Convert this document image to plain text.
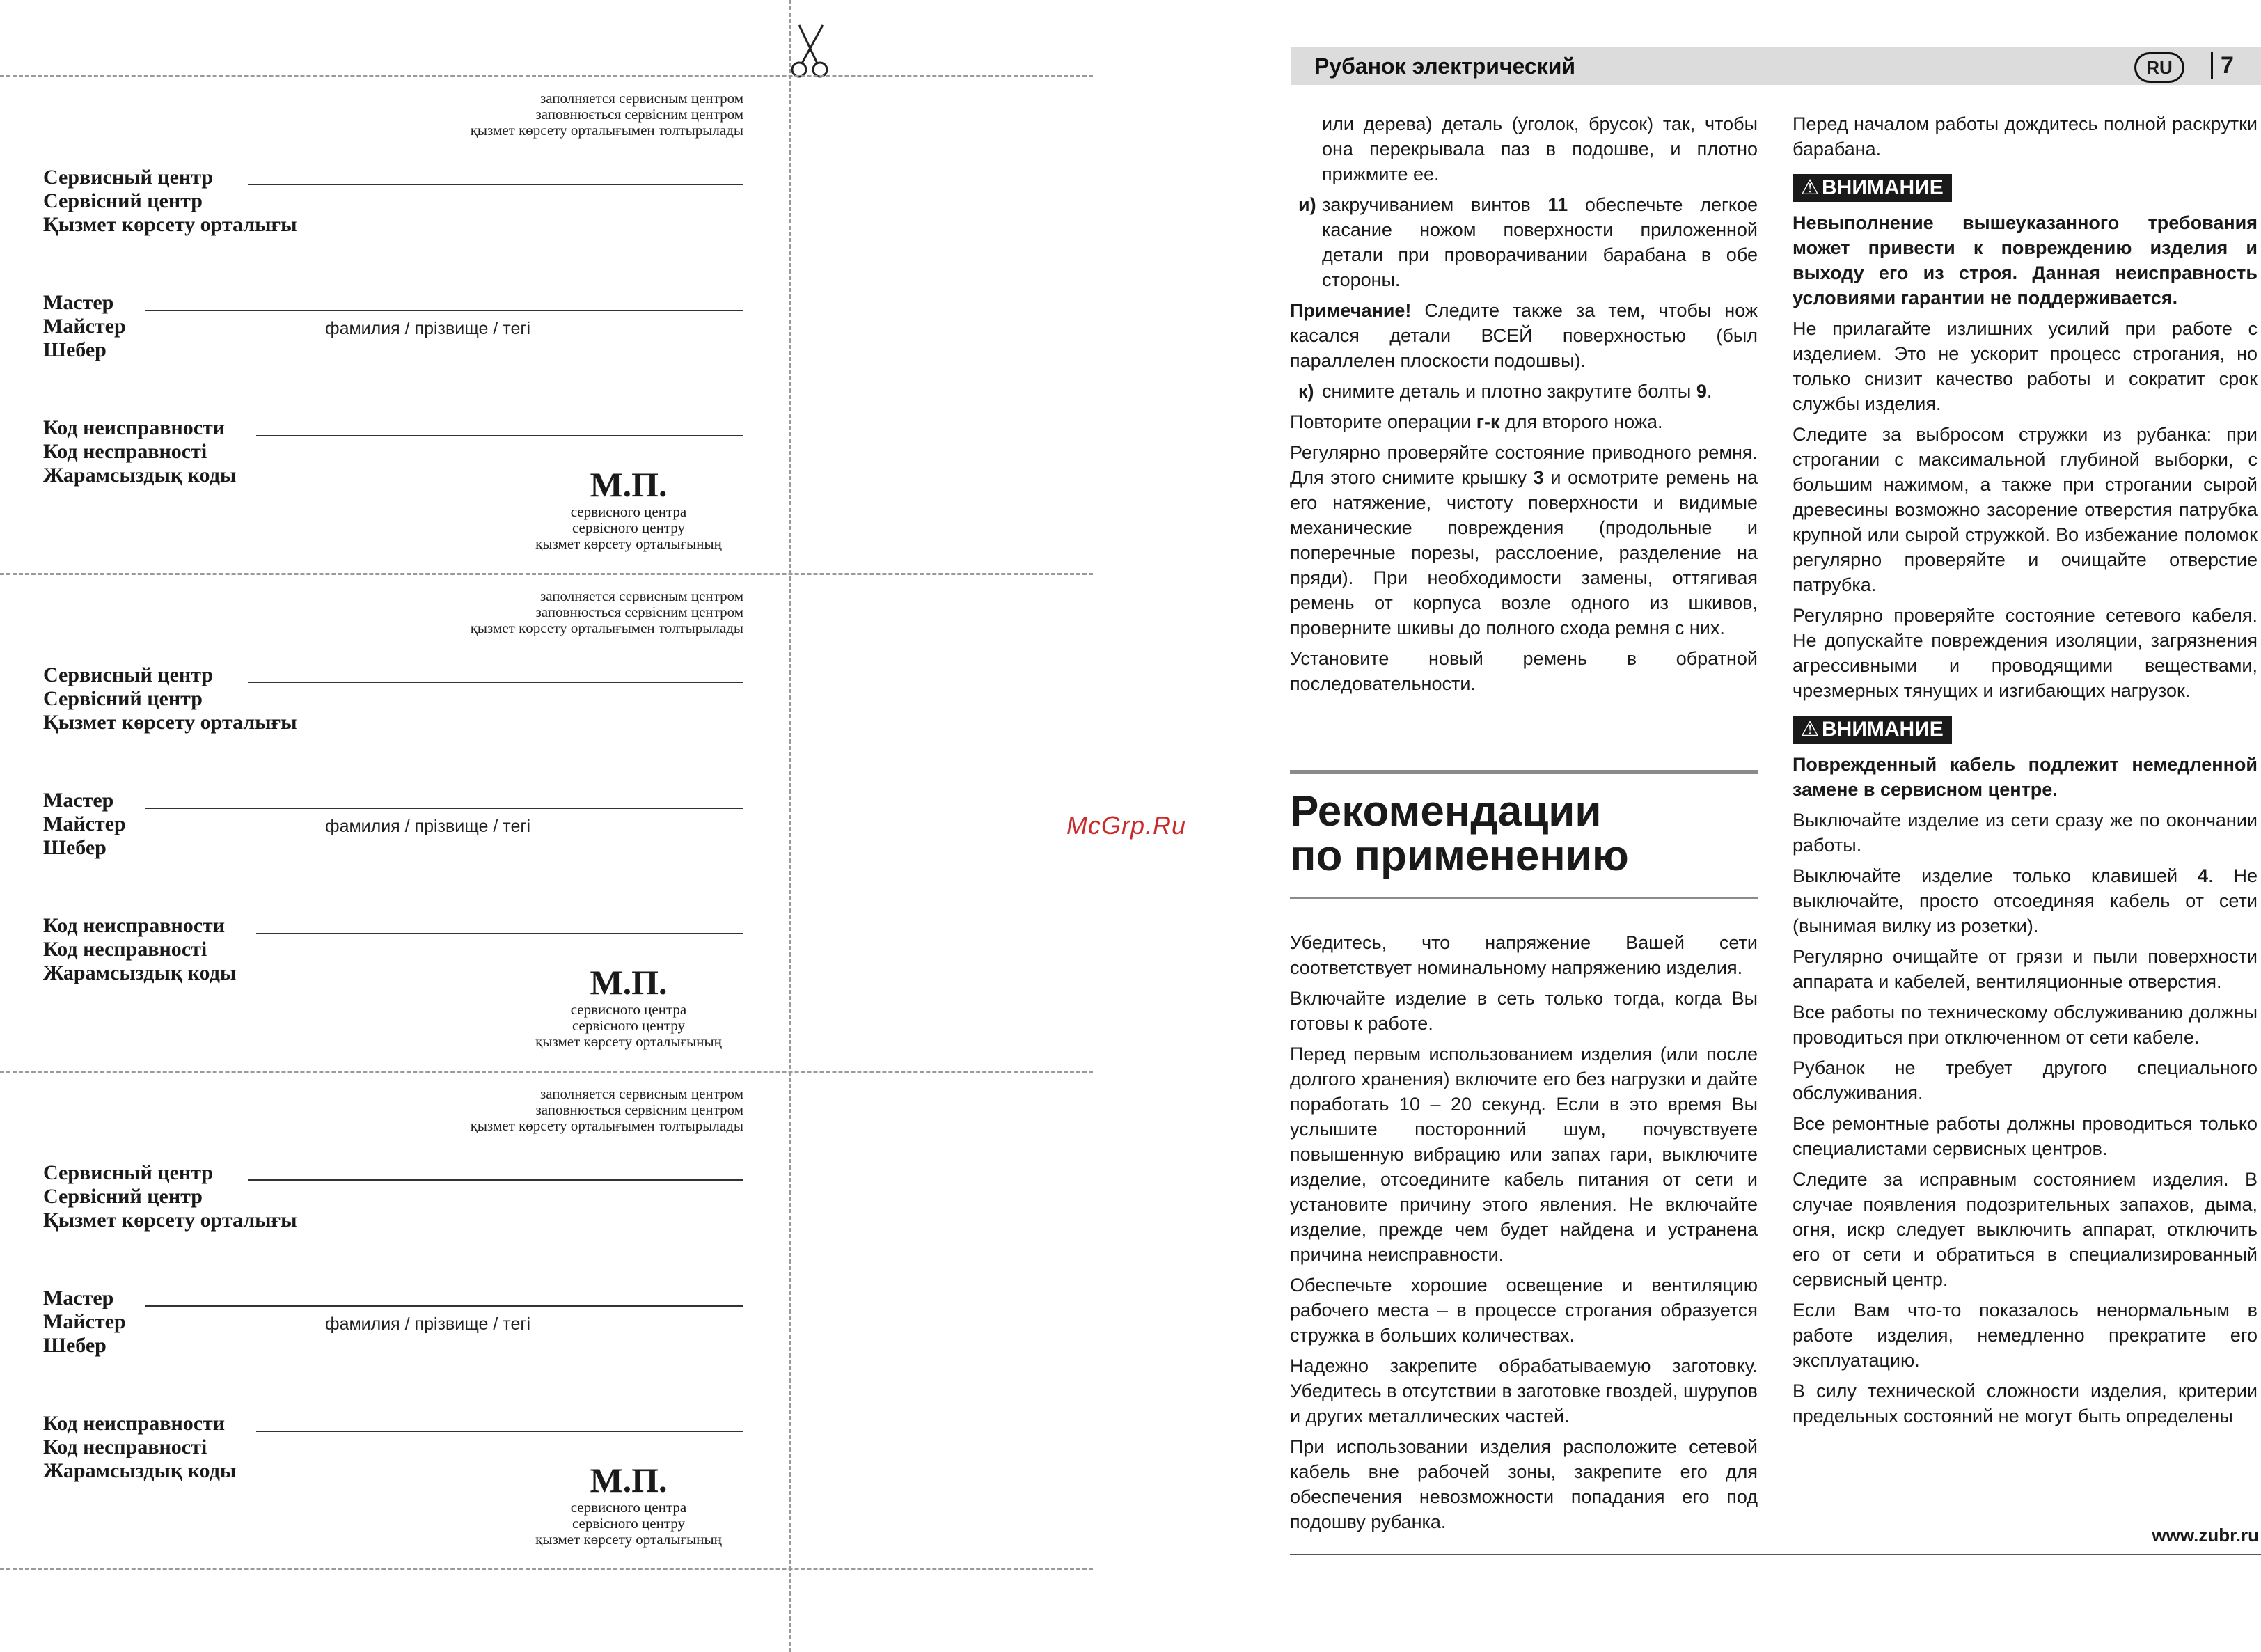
заполняется сервисным центром
заповнюється сервісним центром
қызмет көрсету орталығымен толтырылады
Сервисный центр
Сервісний центр
Қызмет көрсету орталығы
Мастер
Майстер
Шебер
фамилия / прізвище / тегі
Код неисправности
Код несправності
Жарамсыздық коды	М.П.
сервисного центра
сервісного центру
қызмет көрсету орталығының
заполняется сервисным центром
заповнюється сервісним центром
қызмет көрсету орталығымен толтырылады
Сервисный центр
Сервісний центр
Қызмет көрсету орталығы
Мастер
Майстер
Шебер
фамилия / прізвище / тегі
Код неисправности
Код несправності
Жарамсыздық коды	М.П.
сервисного центра
сервісного центру
қызмет көрсету орталығының
заполняется сервисным центром
заповнюється сервісним центром
қызмет көрсету орталығымен толтырылады
Сервисный центр
Сервісний центр
Қызмет көрсету орталығы
Мастер
Майстер
Шебер
фамилия / прізвище / тегі
Код неисправности
Код несправності
Жарамсыздық коды	М.П.
сервисного центра
сервісного центру
қызмет көрсету орталығының
McGrp.Ru
Рубанок электрический	RU	7

или дерева) деталь (уголок, брусок) так, чтобы она перекрывала паз в подошве, и плотно прижмите ее.

и) закручиванием винтов 11 обеспечьте легкое касание ножом поверхности приложенной детали при проворачивании барабана в обе стороны.

Примечание! Следите также за тем, чтобы нож касался детали ВСЕЙ поверхностью (был параллелен плоскости подошвы).

к) снимите деталь и плотно закрутите болты 9.

Повторите операции г-к для второго ножа.

Регулярно проверяйте состояние приводного ремня. Для этого снимите крышку 3 и осмотрите ремень на его натяжение, чистоту поверхности и видимые механические повреждения (продольные и поперечные порезы, расслоение, разделение на пряди). При необходимости замены, оттягивая ремень от корпуса возле одного из шкивов, проверните шкивы до полного схода ремня с них.

Установите новый ремень в обратной последовательности.

Рекомендации
по применению

Убедитесь, что напряжение Вашей сети соответствует номинальному напряжению изделия.

Включайте изделие в сеть только тогда, когда Вы готовы к работе.

Перед первым использованием изделия (или после долгого хранения) включите его без нагрузки и дайте поработать 10 – 20 секунд. Если в это время Вы услышите посторонний шум, почувствуете повышенную вибрацию или запах гари, выключите изделие, отсоедините кабель питания от сети и установите причину этого явления. Не включайте изделие, прежде чем будет найдена и устранена причина неисправности.

Обеспечьте хорошие освещение и вентиляцию рабочего места – в процессе строгания образуется стружка в больших количествах.

Надежно закрепите обрабатываемую заготовку. Убедитесь в отсутствии в заготовке гвоздей, шурупов и других металлических частей.

При использовании изделия расположите сетевой кабель вне рабочей зоны, закрепите его для обеспечения невозможности попадания его под подошву рубанка.

Перед началом работы дождитесь полной раскрутки барабана.

⚠ ВНИМАНИЕ

Невыполнение вышеуказанного требования может привести к повреждению изделия и выходу его из строя. Данная неисправность условиями гарантии не поддерживается.

Не прилагайте излишних усилий при работе с изделием. Это не ускорит процесс строгания, но только снизит качество работы и сократит срок службы изделия.

Следите за выбросом стружки из рубанка: при строгании с максимальной глубиной выборки, с большим нажимом, а также при строгании сырой древесины возможно засорение отверстия патрубка крупной или сырой стружкой. Во избежание поломок регулярно проверяйте и очищайте отверстие патрубка.

Регулярно проверяйте состояние сетевого кабеля. Не допускайте повреждения изоляции, загрязнения агрессивными и проводящими веществами, чрезмерных тянущих и изгибающих нагрузок.

⚠ ВНИМАНИЕ

Поврежденный кабель подлежит немедленной замене в сервисном центре.

Выключайте изделие из сети сразу же по окончании работы.

Выключайте изделие только клавишей 4. Не выключайте, просто отсоединяя кабель от сети (вынимая вилку из розетки).

Регулярно очищайте от грязи и пыли поверхности аппарата и кабелей, вентиляционные отверстия.

Все работы по техническому обслуживанию должны проводиться при отключенном от сети кабеле.

Рубанок не требует другого специального обслуживания.

Все ремонтные работы должны проводиться только специалистами сервисных центров.

Следите за исправным состоянием изделия. В случае появления подозрительных запахов, дыма, огня, искр следует выключить аппарат, отключить его от сети и обратиться в специализированный сервисный центр.

Если Вам что-то показалось ненормальным в работе изделия, немедленно прекратите его эксплуатацию.

В силу технической сложности изделия, критерии предельных состояний не могут быть определены

www.zubr.ru
